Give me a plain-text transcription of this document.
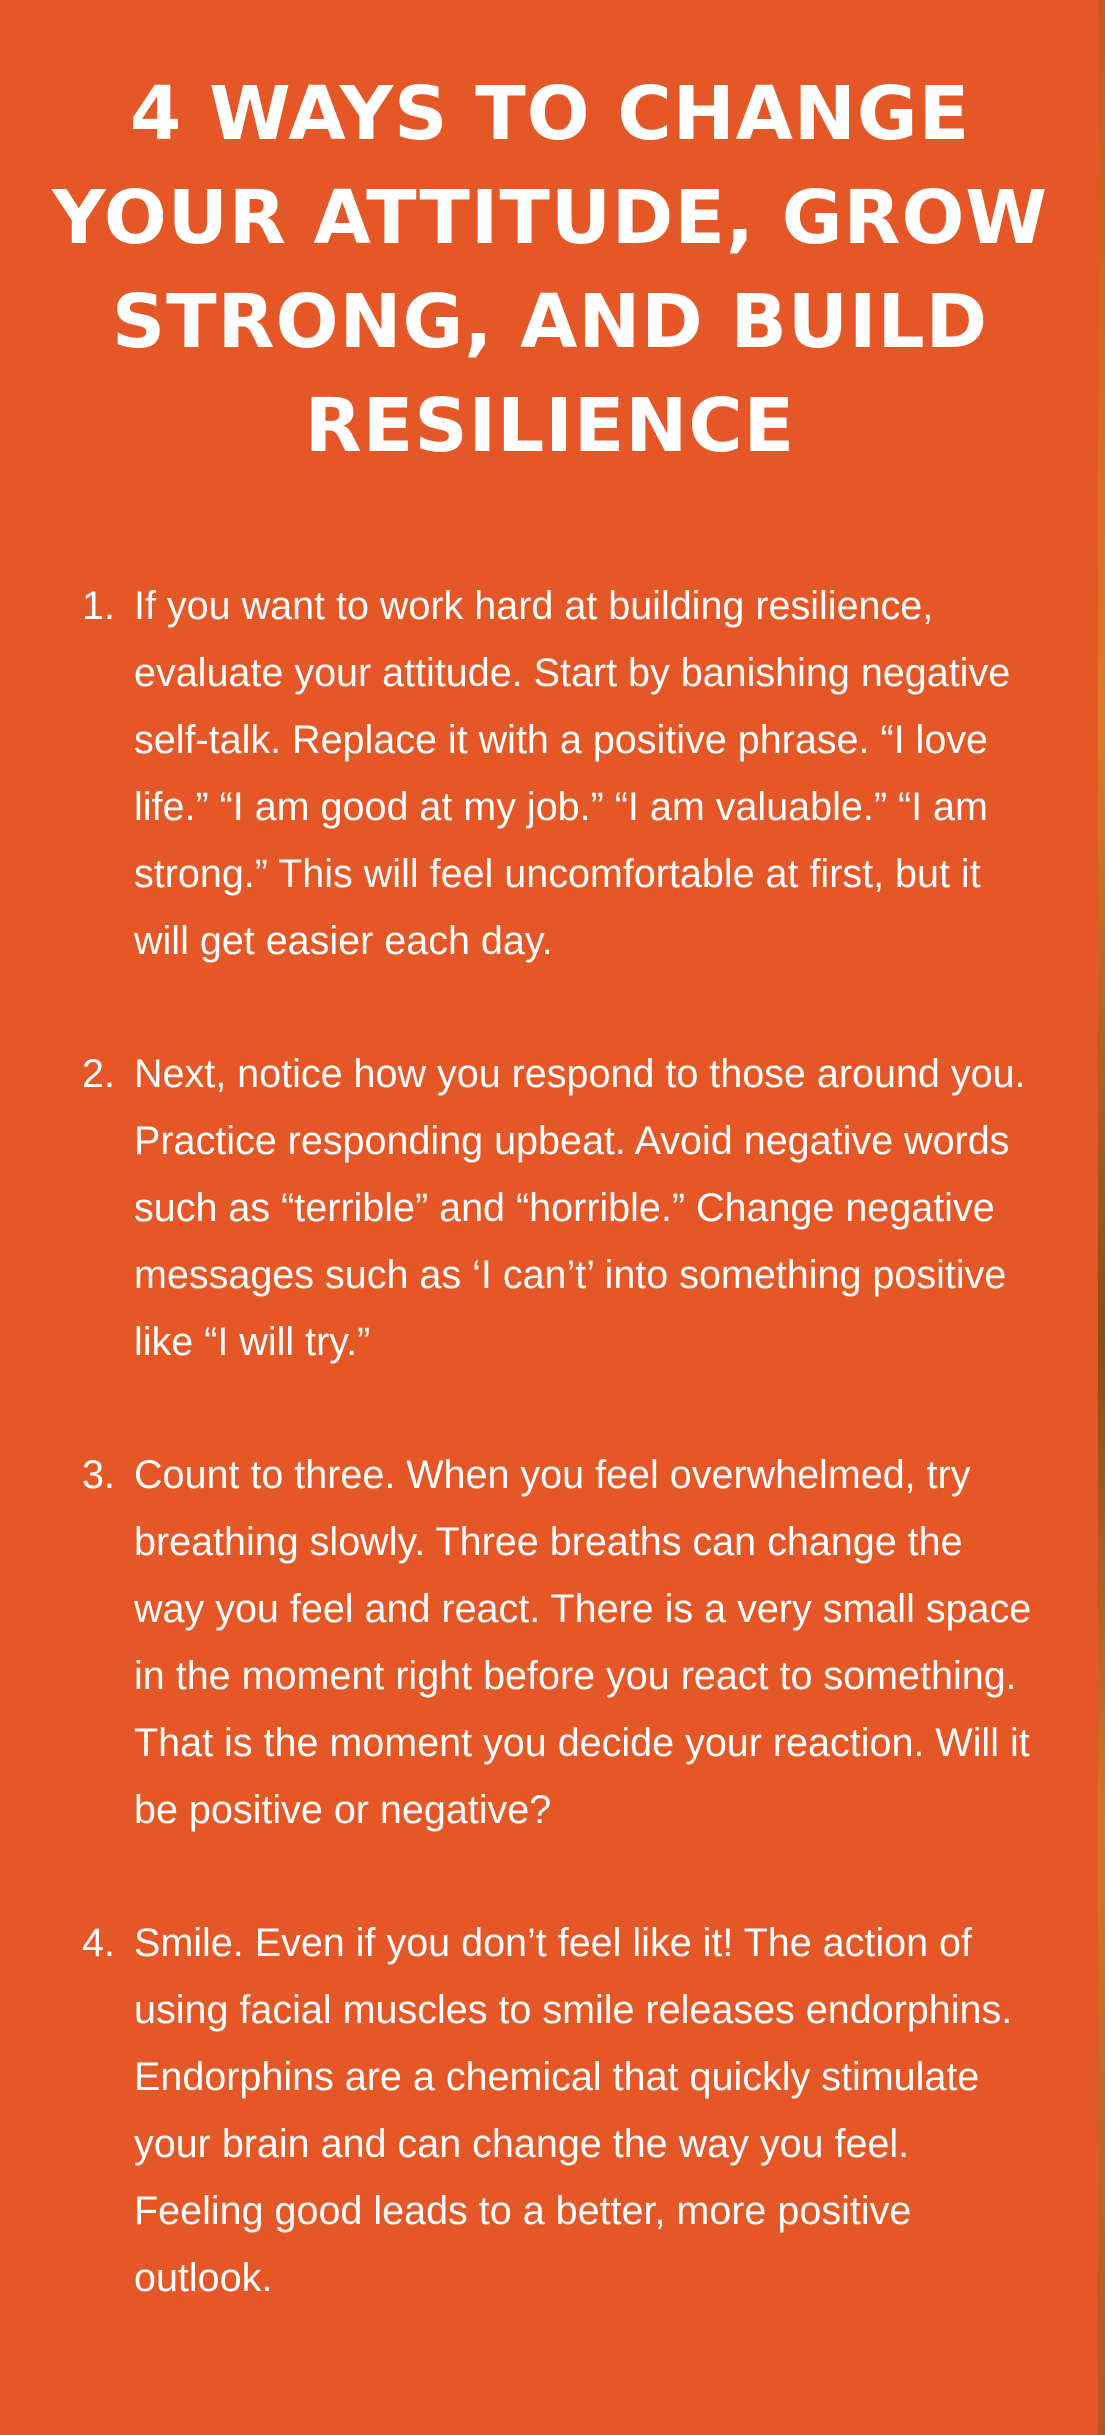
4 WAYS TO CHANGE YOUR ATTITUDE, GROW STRONG, AND BUILD RESILIENCE
1. If you want to work hard at building resilience, evaluate your attitude. Start by banishing negative self-talk. Replace it with a positive phrase. “I love life.” “I am good at my job.” “I am valuable.” “I am strong.” This will feel uncomfortable at first, but it will get easier each day.
2. Next, notice how you respond to those around you. Practice responding upbeat. Avoid negative words such as “terrible” and “horrible.” Change negative messages such as ‘I can’t’ into something positive like “I will try.”
3. Count to three. When you feel overwhelmed, try breathing slowly. Three breaths can change the way you feel and react. There is a very small space in the moment right before you react to something. That is the moment you decide your reaction. Will it be positive or negative?
4. Smile. Even if you don’t feel like it! The action of using facial muscles to smile releases endorphins. Endorphins are a chemical that quickly stimulate your brain and can change the way you feel. Feeling good leads to a better, more positive outlook.
